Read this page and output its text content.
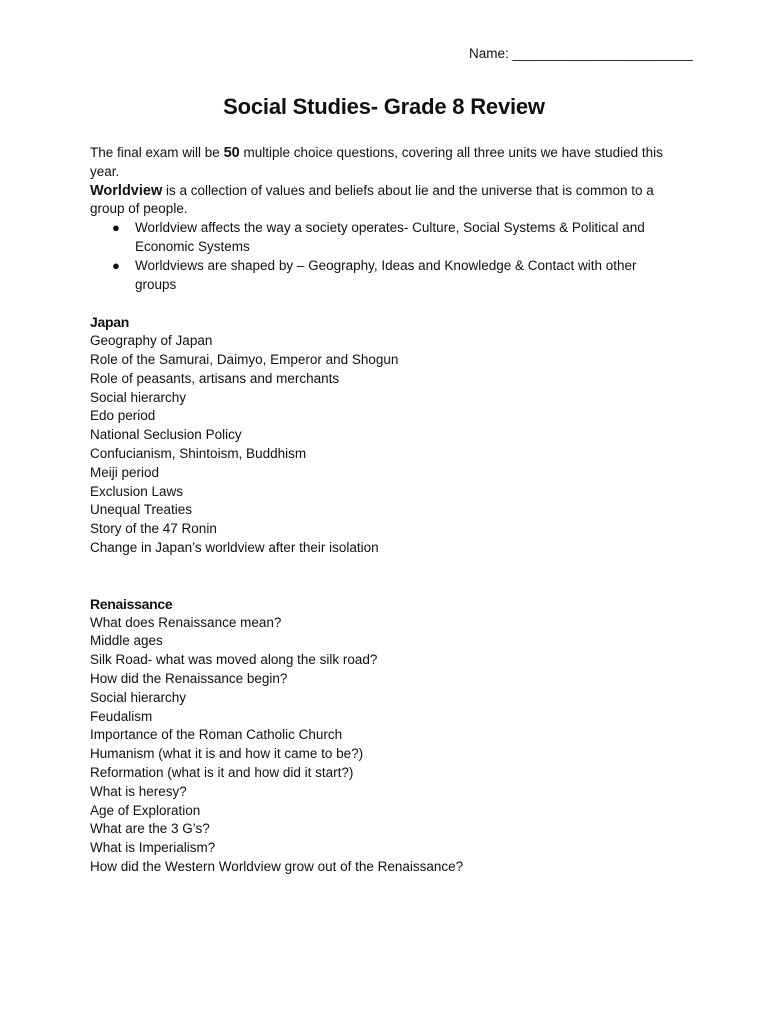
Name: ________________________
Social Studies- Grade 8 Review

The final exam will be 50 multiple choice questions, covering all three units we have studied this year.

Worldview is a collection of values and beliefs about lie and the universe that is common to a group of people.

● Worldview affects the way a society operates- Culture, Social Systems & Political and Economic Systems
● Worldviews are shaped by – Geography, Ideas and Knowledge & Contact with other groups
Japan
Geography of Japan
Role of the Samurai, Daimyo, Emperor and Shogun
Role of peasants, artisans and merchants
Social hierarchy
Edo period
National Seclusion Policy
Confucianism, Shintoism, Buddhism
Meiji period
Exclusion Laws
Unequal Treaties
Story of the 47 Ronin
Change in Japan’s worldview after their isolation
Renaissance
What does Renaissance mean?
Middle ages
Silk Road- what was moved along the silk road?
How did the Renaissance begin?
Social hierarchy
Feudalism
Importance of the Roman Catholic Church
Humanism (what it is and how it came to be?)
Reformation (what is it and how did it start?)
What is heresy?
Age of Exploration
What are the 3 G’s?
What is Imperialism?
How did the Western Worldview grow out of the Renaissance?
